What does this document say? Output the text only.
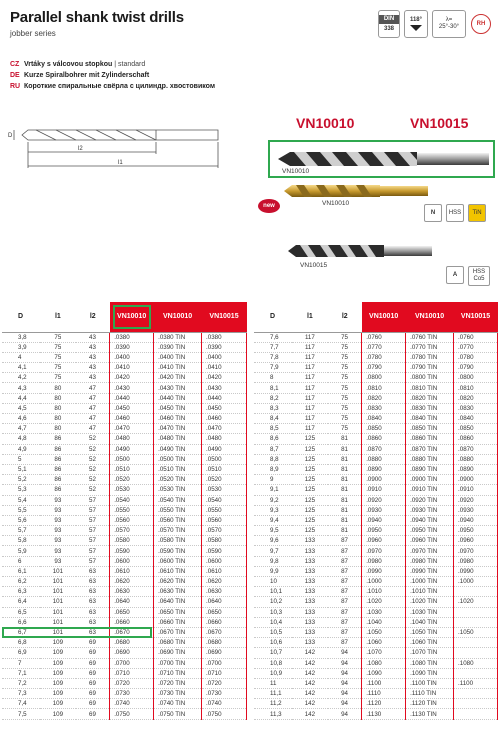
Parallel shank twist drills
jobber series
DIN
338
118°	λ=
25°-30°
RH
CZ Vrtáky s válcovou stopkou | standard
DE Kurze Spiralbohrer mit Zylinderschaft
RU Короткие спиральные свёрла с цилиндр. хвостовиком
D
l2
l1
VN10010	VN10015
VN10010
new	VN10010
N HSS TiN
VN10015
A	HSS Co5
D	l1	l2	VN10010	VN10010	VN10015
3,8	75	43	.0380	.0380 TIN	.0380
3,9	75	43	.0390	.0390 TIN	.0390
4	75	43	.0400	.0400 TIN	.0400
4,1	75	43	.0410	.0410 TIN	.0410
4,2	75	43	.0420	.0420 TIN	.0420
4,3	80	47	.0430	.0430 TIN	.0430
4,4	80	47	.0440	.0440 TIN	.0440
4,5	80	47	.0450	.0450 TIN	.0450
4,6	80	47	.0460	.0460 TIN	.0460
4,7	80	47	.0470	.0470 TIN	.0470
4,8	86	52	.0480	.0480 TIN	.0480
4,9	86	52	.0490	.0490 TIN	.0490
5	86	52	.0500	.0500 TIN	.0500
5,1	86	52	.0510	.0510 TIN	.0510
5,2	86	52	.0520	.0520 TIN	.0520
5,3	86	52	.0530	.0530 TIN	.0530
5,4	93	57	.0540	.0540 TIN	.0540
5,5	93	57	.0550	.0550 TIN	.0550
5,6	93	57	.0560	.0560 TIN	.0560
5,7	93	57	.0570	.0570 TIN	.0570
5,8	93	57	.0580	.0580 TIN	.0580
5,9	93	57	.0590	.0590 TIN	.0590
6	93	57	.0600	.0600 TIN	.0600
6,1	101	63	.0610	.0610 TIN	.0610
6,2	101	63	.0620	.0620 TIN	.0620
6,3	101	63	.0630	.0630 TIN	.0630
6,4	101	63	.0640	.0640 TIN	.0640
6,5	101	63	.0650	.0650 TIN	.0650
6,6	101	63	.0660	.0660 TIN	.0660
6,7	101	63	.0670	.0670 TIN	.0670
6,8	109	69	.0680	.0680 TIN	.0680
6,9	109	69	.0690	.0690 TIN	.0690
7	109	69	.0700	.0700 TIN	.0700
7,1	109	69	.0710	.0710 TIN	.0710
7,2	109	69	.0720	.0720 TIN	.0720
7,3	109	69	.0730	.0730 TIN	.0730
7,4	109	69	.0740	.0740 TIN	.0740
7,5	109	69	.0750	.0750 TIN	.0750
D	l1	l2	VN10010	VN10010	VN10015
7,6	117	75	.0760	.0760 TIN	.0760
7,7	117	75	.0770	.0770 TIN	.0770
7,8	117	75	.0780	.0780 TIN	.0780
7,9	117	75	.0790	.0790 TIN	.0790
8	117	75	.0800	.0800 TIN	.0800
8,1	117	75	.0810	.0810 TIN	.0810
8,2	117	75	.0820	.0820 TIN	.0820
8,3	117	75	.0830	.0830 TIN	.0830
8,4	117	75	.0840	.0840 TIN	.0840
8,5	117	75	.0850	.0850 TIN	.0850
8,6	125	81	.0860	.0860 TIN	.0860
8,7	125	81	.0870	.0870 TIN	.0870
8,8	125	81	.0880	.0880 TIN	.0880
8,9	125	81	.0890	.0890 TIN	.0890
9	125	81	.0900	.0900 TIN	.0900
9,1	125	81	.0910	.0910 TIN	.0910
9,2	125	81	.0920	.0920 TIN	.0920
9,3	125	81	.0930	.0930 TIN	.0930
9,4	125	81	.0940	.0940 TIN	.0940
9,5	125	81	.0950	.0950 TIN	.0950
9,6	133	87	.0960	.0960 TIN	.0960
9,7	133	87	.0970	.0970 TIN	.0970
9,8	133	87	.0980	.0980 TIN	.0980
9,9	133	87	.0990	.0990 TIN	.0990
10	133	87	.1000	.1000 TIN	.1000
10,1	133	87	.1010	.1010 TIN	
10,2	133	87	.1020	.1020 TIN	.1020
10,3	133	87	.1030	.1030 TIN	
10,4	133	87	.1040	.1040 TIN	
10,5	133	87	.1050	.1050 TIN	.1050
10,6	133	87	.1060	.1060 TIN	
10,7	142	94	.1070	.1070 TIN	
10,8	142	94	.1080	.1080 TIN	.1080
10,9	142	94	.1090	.1090 TIN	
11	142	94	.1100	.1100 TIN	.1100
11,1	142	94	.1110	.1110 TIN	
11,2	142	94	.1120	.1120 TIN	
11,3	142	94	.1130	.1130 TIN	
